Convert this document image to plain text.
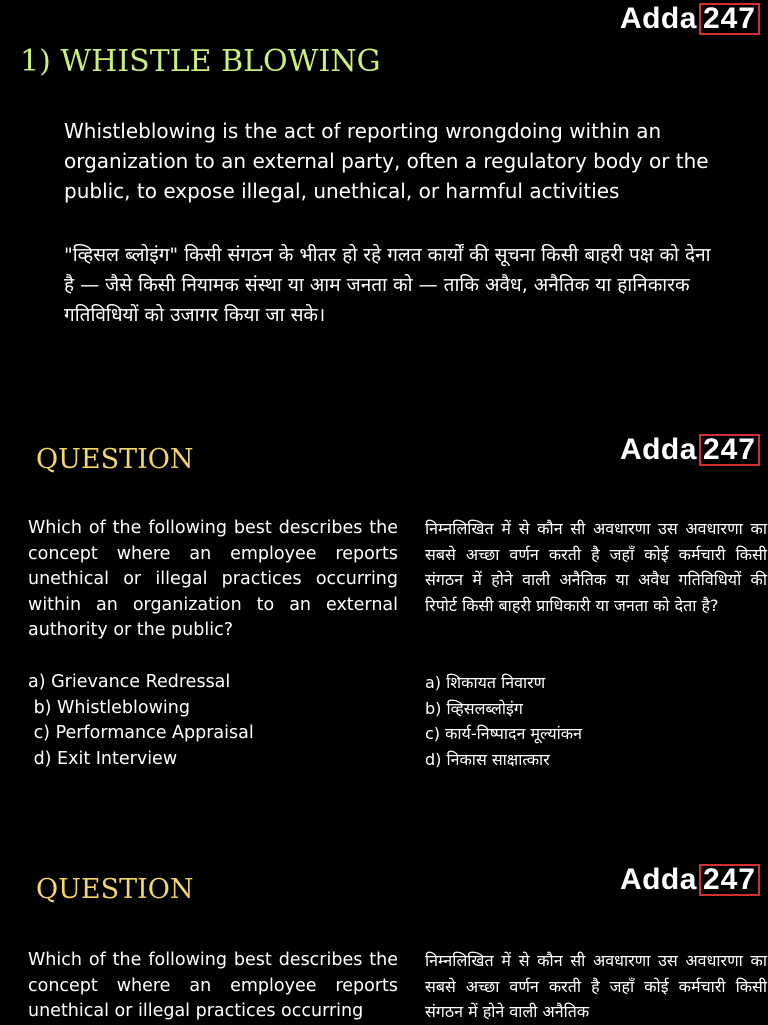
Adda 247
1) WHISTLE BLOWING
Whistleblowing is the act of reporting wrongdoing within an organization to an external party, often a regulatory body or the public, to expose illegal, unethical, or harmful activities
"व्हिसल ब्लोइंग" किसी संगठन के भीतर हो रहे गलत कार्यों की सूचना किसी बाहरी पक्ष को देना है — जैसे किसी नियामक संस्था या आम जनता को — ताकि अवैध, अनैतिक या हानिकारक गतिविधियों को उजागर किया जा सके।
QUESTION	Adda 247
Which of the following best describes the concept where an employee reports unethical or illegal practices occurring within an organization to an external authority or the public?
निम्नलिखित में से कौन सी अवधारणा उस अवधारणा का सबसे अच्छा वर्णन करती है जहाँ कोई कर्मचारी किसी संगठन में होने वाली अनैतिक या अवैध गतिविधियों की रिपोर्ट किसी बाहरी प्राधिकारी या जनता को देता है?
a) Grievance Redressal
b) Whistleblowing
c) Performance Appraisal
d) Exit Interview
a) शिकायत निवारण
b) व्हिसलब्लोइंग
c) कार्य-निष्पादन मूल्यांकन
d) निकास साक्षात्कार
QUESTION	Adda 247
Which of the following best describes the concept where an employee reports unethical or illegal practices occurring
निम्नलिखित में से कौन सी अवधारणा उस अवधारणा का सबसे अच्छा वर्णन करती है जहाँ कोई कर्मचारी किसी संगठन में होने वाली अनैतिक
